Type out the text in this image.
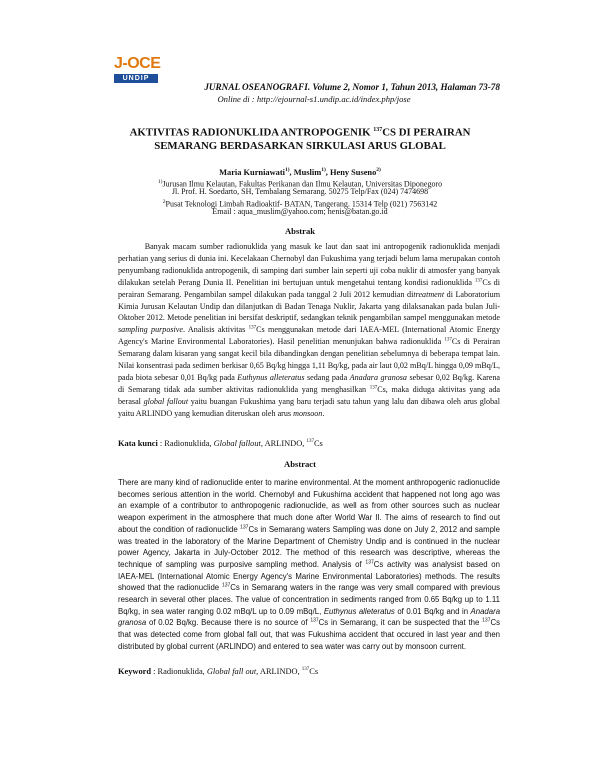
J-OCE
UNDIP
JURNAL OSEANOGRAFI. Volume 2, Nomor 1, Tahun 2013, Halaman 73-78
Online di : http://ejournal-s1.undip.ac.id/index.php/jose
AKTIVITAS RADIONUKLIDA ANTROPOGENIK $^{137}$CS DI PERAIRAN
SEMARANG BERDASARKAN SIRKULASI ARUS GLOBAL
Maria Kurniawati$^{1)}$, Muslim$^{1)}$, Heny Suseno$^{2)}$
$^{1)}$Jurusan Ilmu Kelautan, Fakultas Perikanan dan Ilmu Kelautan, Universitas Diponegoro
Jl. Prof. H. Soedarto, SH, Tembalang Semarang. 50275 Telp/Fax (024) 7474698
$^2$Pusat Teknologi Limbah Radioaktif- BATAN, Tangerang. 15314 Telp (021) 7563142
Email : aqua_muslim@yahoo.com; henis@batan.go.id
Abstrak
Banyak macam sumber radionuklida yang masuk ke laut dan saat ini antropogenik radionuklida menjadi perhatian yang serius di dunia ini. Kecelakaan Chernobyl dan Fukushima yang terjadi belum lama merupakan contoh penyumbang radionuklida antropogenik, di samping dari sumber lain seperti uji coba nuklir di atmosfer yang banyak dilakukan setelah Perang Dunia II. Penelitian ini bertujuan untuk mengetahui tentang kondisi radionuklida $^{137}$Cs di perairan Semarang. Pengambilan sampel dilakukan pada tanggal 2 Juli 2012 kemudian ditreatment di Laboratorium Kimia Jurusan Kelautan Undip dan dilanjutkan di Badan Tenaga Nuklir, Jakarta yang dilaksanakan pada bulan Juli-Oktober 2012. Metode penelitian ini bersifat deskriptif, sedangkan teknik pengambilan sampel menggunakan metode sampling purposive. Analisis aktivitas $^{137}$Cs menggunakan metode dari IAEA-MEL (International Atomic Energy Agency's Marine Environmental Laboratories). Hasil penelitian menunjukan bahwa radionuklida $^{137}$Cs di Perairan Semarang dalam kisaran yang sangat kecil bila dibandingkan dengan penelitian sebelumnya di beberapa tempat lain. Nilai konsentrasi pada sedimen berkisar 0,65 Bq/kg hingga 1,11 Bq/kg, pada air laut 0,02 mBq/L hingga 0,09 mBq/L, pada biota sebesar 0,01 Bq/kg pada Euthynus alleteratus sedang pada Anadara granosa sebesar 0,02 Bq/kg. Karena di Semarang tidak ada sumber aktivitas radionuklida yang menghasilkan $^{137}$Cs, maka diduga aktivitas yang ada berasal global fallout yaitu buangan Fukushima yang baru terjadi satu tahun yang lalu dan dibawa oleh arus global yaitu ARLINDO yang kemudian diteruskan oleh arus monsoon.
Kata kunci : Radionuklida, Global fallout, ARLINDO, $^{137}$Cs
Abstract
There are many kind of radionuclide enter to marine environmental. At the moment anthropogenic radionuclide becomes serious attention in the world. Chernobyl and Fukushima accident that happened not long ago was an example of a contributor to anthropogenic radionuclide, as well as from other sources such as nuclear weapon experiment in the atmosphere that much done after World War II. The aims of research to find out about the condition of radionuclide $^{137}$Cs in Semarang waters Sampling was done on July 2, 2012 and sample was treated in the laboratory of the Marine Department of Chemistry Undip and is continued in the nuclear power Agency, Jakarta in July-October 2012. The method of this research was descriptive, whereas the technique of sampling was purposive sampling method. Analysis of $^{137}$Cs activity was analysist based on IAEA-MEL (International Atomic Energy Agency's Marine Environmental Laboratories) methods. The results showed that the radionuclide $^{137}$Cs in Semarang waters in the range was very small compared with previous research in several other places. The value of concentration in sediments ranged from 0.65 Bq/kg up to 1.11 Bq/kg, in sea water ranging 0.02 mBq/L up to 0.09 mBq/L, Euthynus alleteratus of 0.01 Bq/kg and in Anadara granosa of 0.02 Bq/kg. Because there is no source of $^{137}$Cs in Semarang, it can be suspected that the $^{137}$Cs that was detected come from global fall out, that was Fukushima accident that occured in last year and then distributed by global current (ARLINDO) and entered to sea water was carry out by monsoon current.
Keyword : Radionuklida, Global fall out, ARLINDO, $^{137}$Cs
